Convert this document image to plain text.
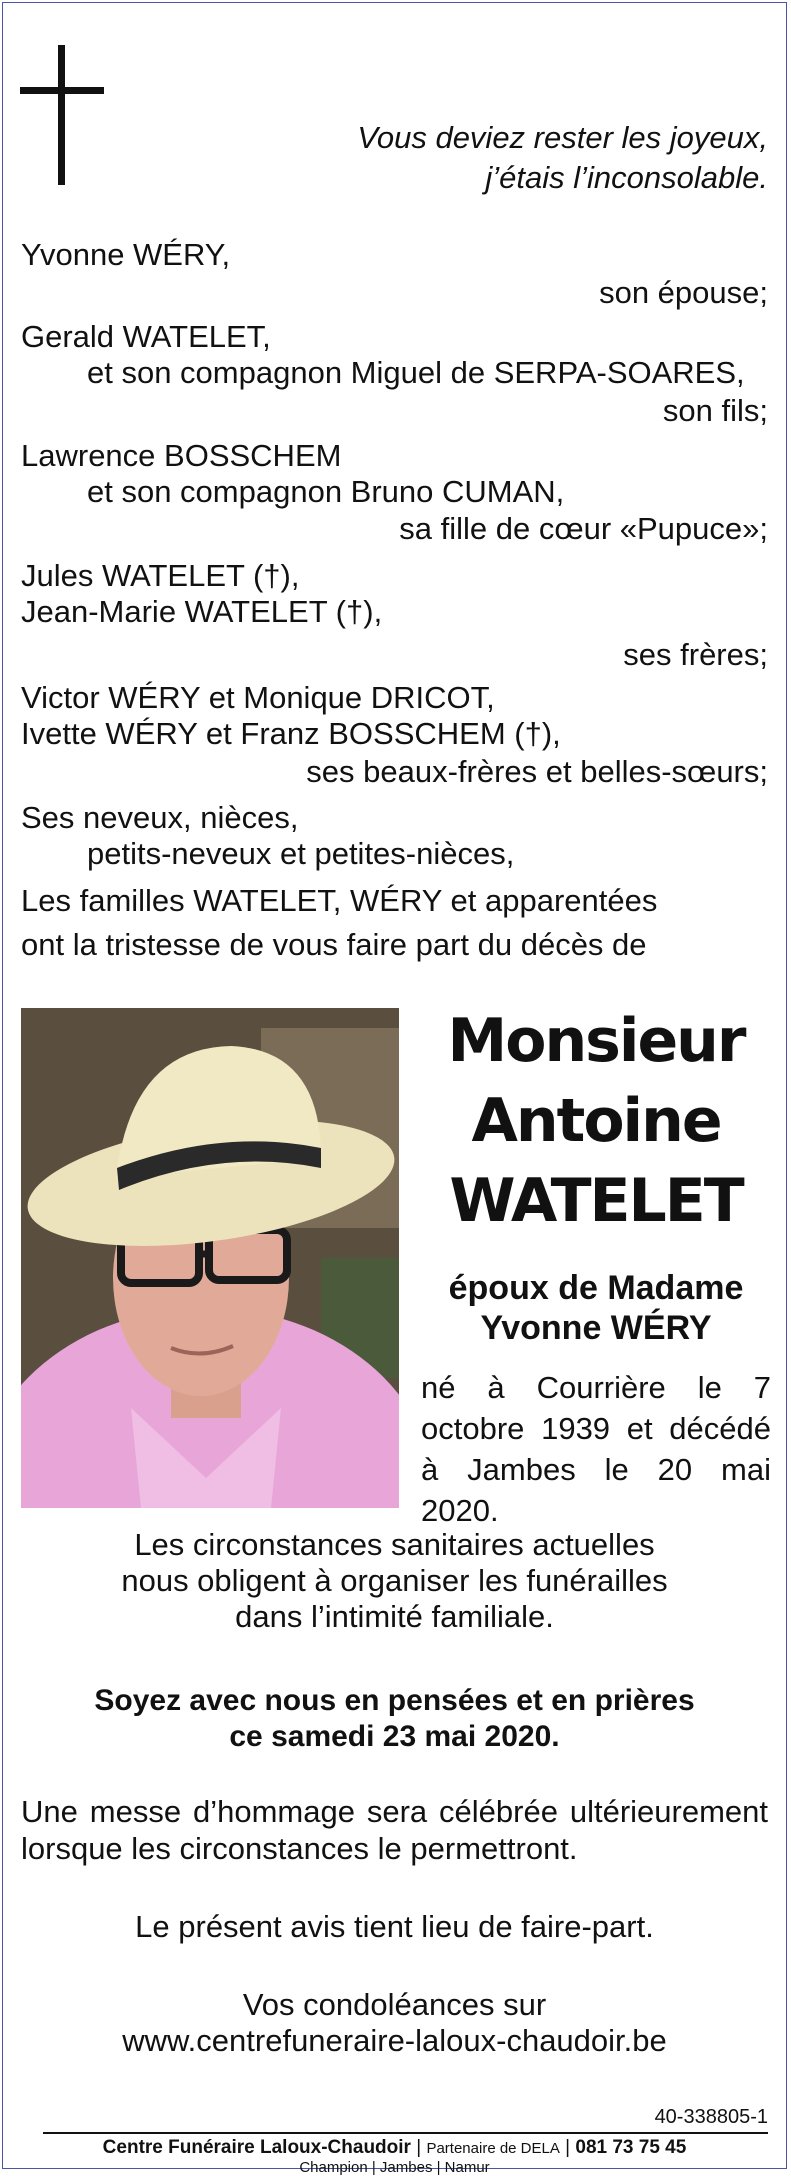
Vous deviez rester les joyeux,
j’étais l’inconsolable.
Yvonne WÉRY,
son épouse;
Gerald WATELET,
et son compagnon Miguel de SERPA-SOARES,
son fils;
Lawrence BOSSCHEM
et son compagnon Bruno CUMAN,
sa fille de cœur «Pupuce»;
Jules WATELET (†),
Jean-Marie WATELET (†),
ses frères;
Victor WÉRY et Monique DRICOT,
Ivette WÉRY et Franz BOSSCHEM (†),
ses beaux-frères et belles-sœurs;
Ses neveux, nièces,
petits-neveux et petites-nièces,
Les familles WATELET, WÉRY et apparentées
ont la tristesse de vous faire part du décès de
Monsieur
Antoine
WATELET
époux de Madame
Yvonne WÉRY
né à Courrière le 7 octobre 1939 et décédé à Jambes le 20 mai 2020.
Les circonstances sanitaires actuelles
nous obligent à organiser les funérailles
dans l’intimité familiale.
Soyez avec nous en pensées et en prières
ce samedi 23 mai 2020.
Une messe d’hommage sera célébrée ultérieurement lorsque les circonstances le permettront.
Le présent avis tient lieu de faire-part.
Vos condoléances sur
www.centrefuneraire-laloux-chaudoir.be
40-338805-1
Centre Funéraire Laloux-Chaudoir | Partenaire de DELA | 081 73 75 45
Champion | Jambes | Namur
